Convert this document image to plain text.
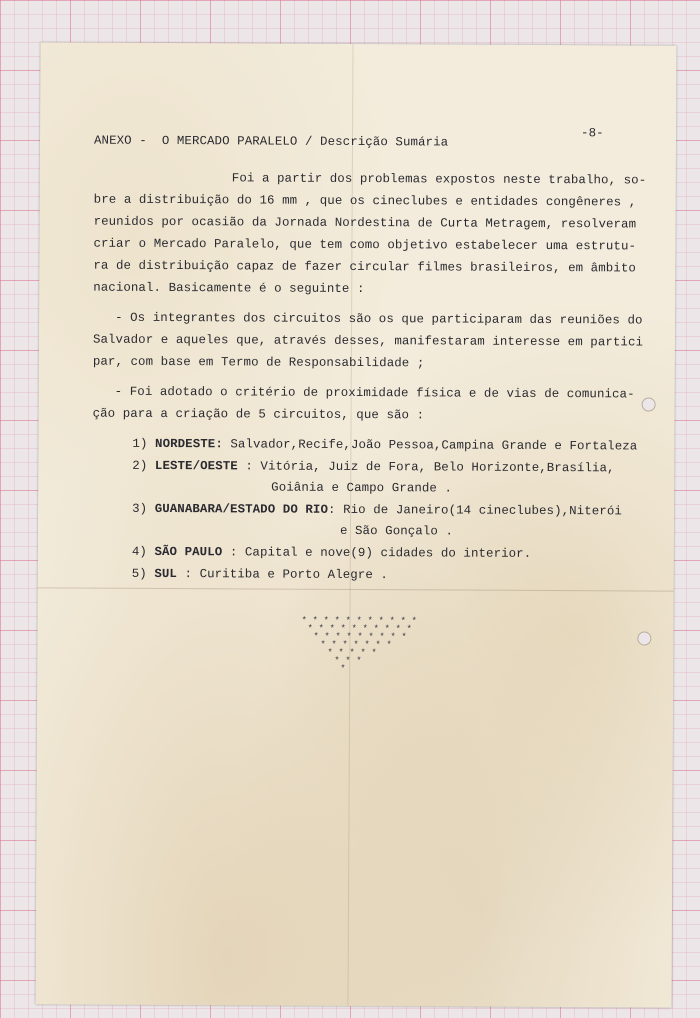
ANEXO -  O MERCADO PARALELO / Descrição Sumária
-8-
Foi a partir dos problemas expostos neste trabalho, so-
bre a distribuição do 16 mm , que os cineclubes e entidades congêneres ,
reunidos por ocasião da Jornada Nordestina de Curta Metragem, resolveram
criar o Mercado Paralelo, que tem como objetivo estabelecer uma estrutu-
ra de distribuição capaz de fazer circular filmes brasileiros, em âmbito
nacional. Basicamente é o seguinte :
- Os integrantes dos circuitos são os que participaram das reuniões do
Salvador e aqueles que, através desses, manifestaram interesse em partici
par, com base em Termo de Responsabilidade ;
- Foi adotado o critério de proximidade física e de vias de comunica-
ção para a criação de 5 circuitos, que são :
1) NORDESTE: Salvador,Recife,João Pessoa,Campina Grande e Fortaleza
2) LESTE/OESTE : Vitória, Juiz de Fora, Belo Horizonte,Brasília,
Goiânia e Campo Grande .
3) GUANABARA/ESTADO DO RIO: Rio de Janeiro(14 cineclubes),Niterói
e São Gonçalo .
4) SÃO PAULO : Capital e nove(9) cidades do interior.
5) SUL : Curitiba e Porto Alegre .
* * * * * * * * * * *
* * * * * * * * * *
* * * * * * * * *
* * * * * * *
* * * * *
* * *
*
